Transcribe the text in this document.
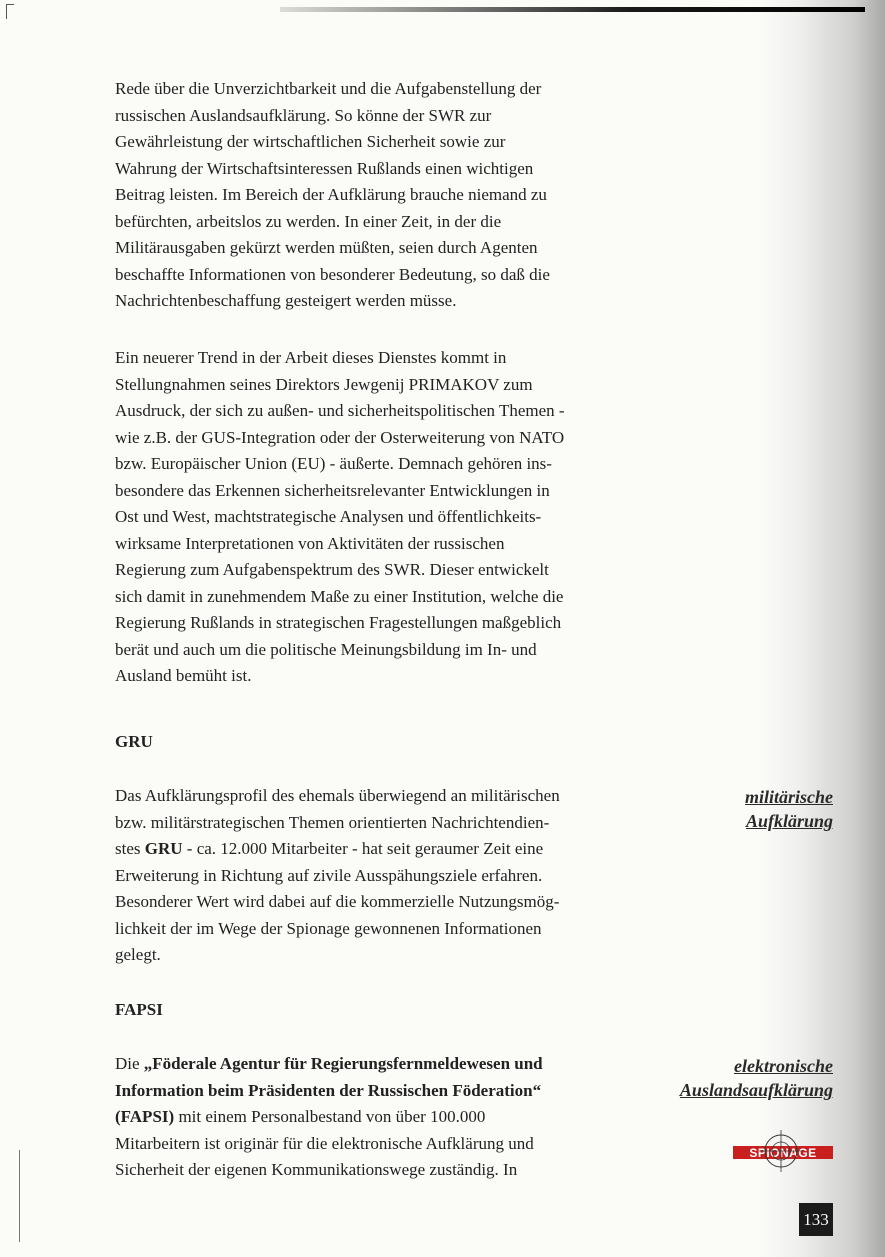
Rede über die Unverzichtbarkeit und die Aufgabenstellung der
russischen Auslandsaufklärung. So könne der SWR zur
Gewährleistung der wirtschaftlichen Sicherheit sowie zur
Wahrung der Wirtschaftsinteressen Rußlands einen wichtigen
Beitrag leisten. Im Bereich der Aufklärung brauche niemand zu
befürchten, arbeitslos zu werden. In einer Zeit, in der die
Militärausgaben gekürzt werden müßten, seien durch Agenten
beschaffte Informationen von besonderer Bedeutung, so daß die
Nachrichtenbeschaffung gesteigert werden müsse.
Ein neuerer Trend in der Arbeit dieses Dienstes kommt in
Stellungnahmen seines Direktors Jewgenij PRIMAKOV zum
Ausdruck, der sich zu außen- und sicherheitspolitischen Themen -
wie z.B. der GUS-Integration oder der Osterweiterung von NATO
bzw. Europäischer Union (EU) - äußerte. Demnach gehören ins-
besondere das Erkennen sicherheitsrelevanter Entwicklungen in
Ost und West, machtstrategische Analysen und öffentlichkeits-
wirksame Interpretationen von Aktivitäten der russischen
Regierung zum Aufgabenspektrum des SWR. Dieser entwickelt
sich damit in zunehmendem Maße zu einer Institution, welche die
Regierung Rußlands in strategischen Fragestellungen maßgeblich
berät und auch um die politische Meinungsbildung im In- und
Ausland bemüht ist.
GRU
Das Aufklärungsprofil des ehemals überwiegend an militärischen
bzw. militärstrategischen Themen orientierten Nachrichtendien-
stes GRU - ca. 12.000 Mitarbeiter - hat seit geraumer Zeit eine
Erweiterung in Richtung auf zivile Ausspähungsziele erfahren.
Besonderer Wert wird dabei auf die kommerzielle Nutzungsmög-
lichkeit der im Wege der Spionage gewonnenen Informationen
gelegt.
FAPSI
Die „Föderale Agentur für Regierungsfernmeldewesen und
Information beim Präsidenten der Russischen Föderation“
(FAPSI) mit einem Personalbestand von über 100.000
Mitarbeitern ist originär für die elektronische Aufklärung und
Sicherheit der eigenen Kommunikationswege zuständig. In
militärische
Aufklärung
elektronische
Auslandsaufklärung
SPIONAGE
133
